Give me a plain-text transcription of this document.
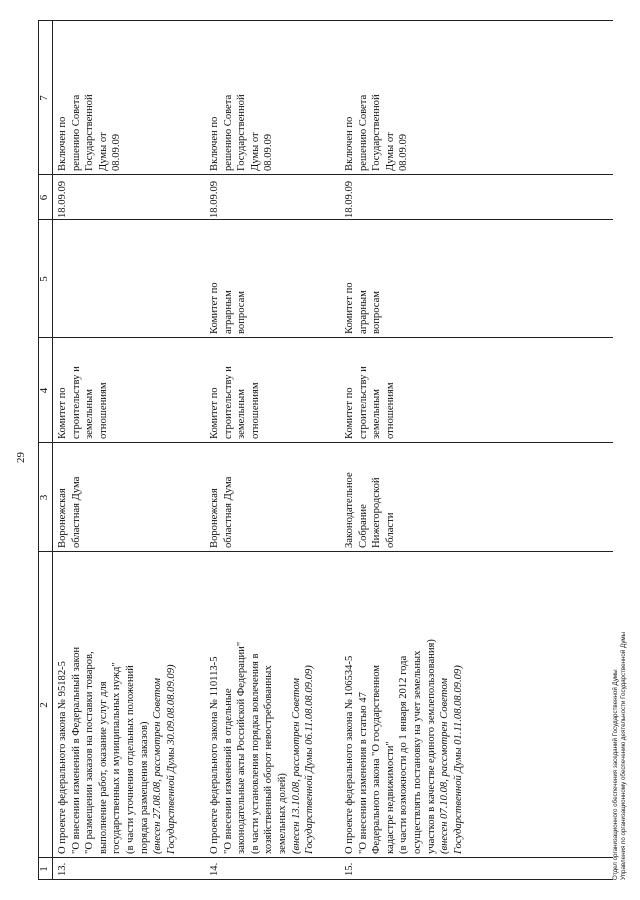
29
1
2
3
4
5
6
7
13.
О проекте федерального закона № 95182-5 "О внесении изменений в Федеральный закон "О размещении заказов на поставки товаров, выполнение работ, оказание услуг для государственных и муниципальных нужд" (в части уточнения отдельных положений порядка размещения заказов) (внесен 27.08.08, рассмотрен Советом Государственной Думы 30.09.08.08.09.09)
Воронежская областная Дума
Комитет по строительству и земельным отношениям
18.09.09
Включен по решению Совета Государственной Думы от 08.09.09
14.
О проекте федерального закона № 110113-5 "О внесении изменений в отдельные законодательные акты Российской Федерации" (в части установления порядка вовлечения в хозяйственный оборот невостребованных земельных долей) (внесен 13.10.08, рассмотрен Советом Государственной Думы 06.11.08.08.09.09)
Воронежская областная Дума
Комитет по строительству и земельным отношениям
Комитет по аграрным вопросам
18.09.09
Включен по решению Совета Государственной Думы от 08.09.09
15.
О проекте федерального закона № 106534-5 "О внесении изменения в статью 47 Федерального закона "О государственном кадастре недвижимости" (в части возможности до 1 января 2012 года осуществлять постановку на учет земельных участков в качестве единого землепользования) (внесен 07.10.08, рассмотрен Советом Государственной Думы 01.11.08.08.09.09)
Законодательное Собрание Нижегородской области
Комитет по строительству и земельным отношениям
Комитет по аграрным вопросам
18.09.09
Включен по решению Совета Государственной Думы от 08.09.09
Отдел организационного обеспечения заседаний Государственной Думы Управления по организационному обеспечению деятельности Государственной Думы
